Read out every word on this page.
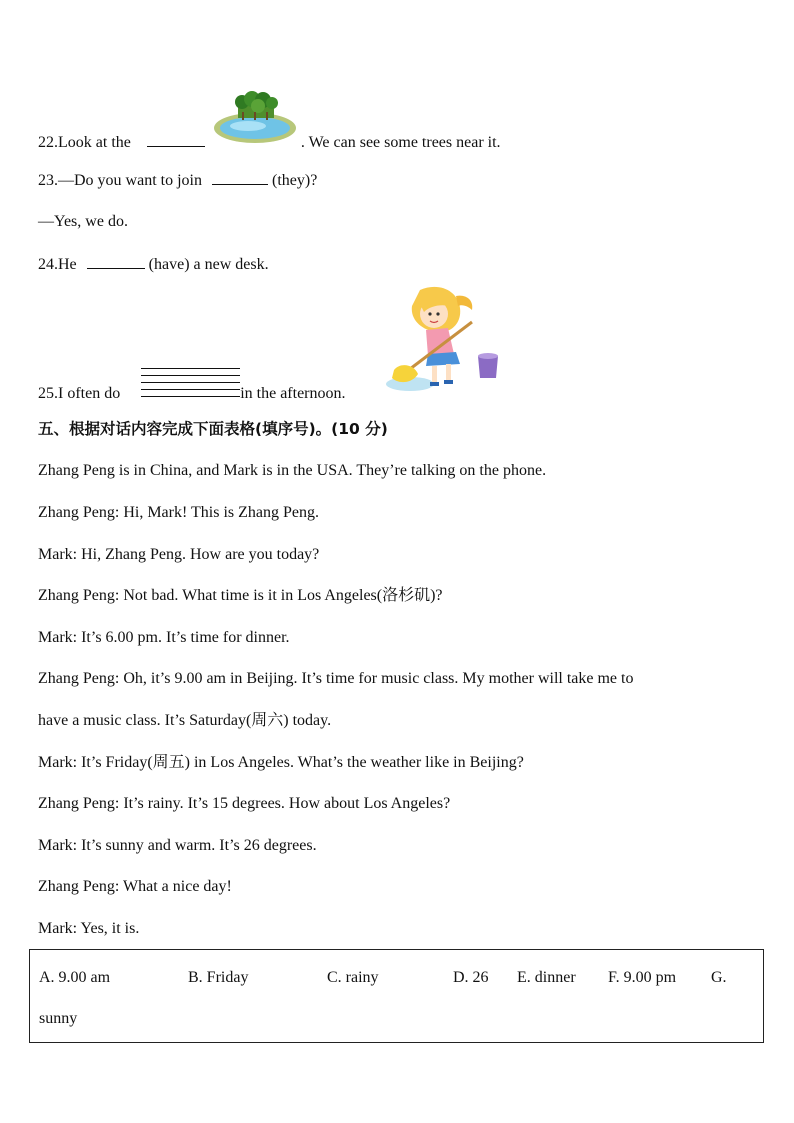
22.Look at the	. We can see some trees near it.
23.—Do you want to join	(they)?
—Yes, we do.
24.He	(have) a new desk.
25.I often do	in the afternoon.
五、根据对话内容完成下面表格(填序号)。(10 分)
Zhang Peng is in China, and Mark is in the USA. They’re talking on the phone.
Zhang Peng: Hi, Mark! This is Zhang Peng.
Mark: Hi, Zhang Peng. How are you today?
Zhang Peng: Not bad. What time is it in Los Angeles(洛杉矶)?
Mark: It’s 6.00 pm. It’s time for dinner.
Zhang Peng: Oh, it’s 9.00 am in Beijing. It’s time for music class. My mother will take me to
have a music class. It’s Saturday(周六) today.
Mark: It’s Friday(周五) in Los Angeles. What’s the weather like in Beijing?
Zhang Peng: It’s rainy. It’s 15 degrees. How about Los Angeles?
Mark: It’s sunny and warm. It’s 26 degrees.
Zhang Peng: What a nice day!
Mark: Yes, it is.
A. 9.00 am	B. Friday	C. rainy	D. 26 E. dinner F. 9.00 pm G.
sunny
